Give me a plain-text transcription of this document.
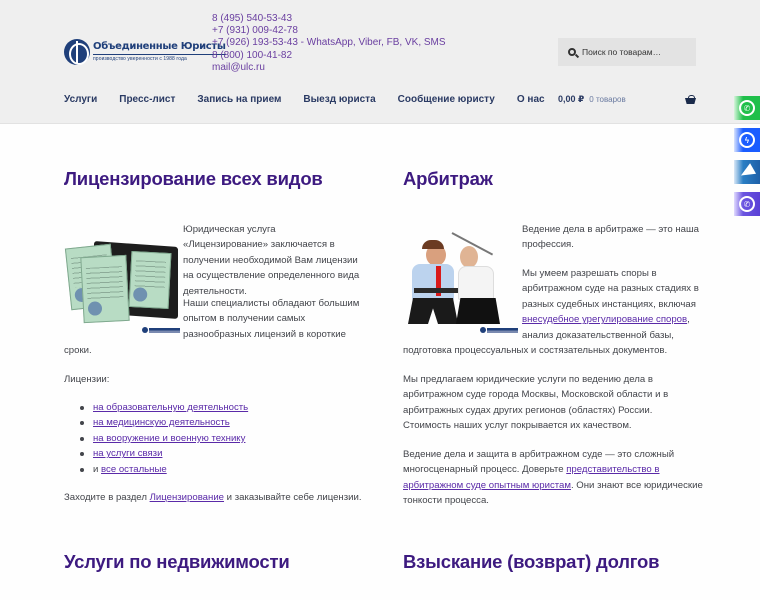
Объединенные Юристы
производство уверенности с 1988 года
8 (495) 540-53-43
+7 (931) 009-42-78
+7 (926) 193-53-43 - WhatsApp, Viber, FB, VK, SMS
8 (800) 100-41-82
mail@ulc.ru
Поиск по товарам…
Услуги Пресс-лист Запись на прием Выезд юриста Сообщение юристу О нас 0,00 ₽ 0 товаров
✆
ϟ
✆
Лицензирование всех видов

Юридическая услуга «Лицензирование» заключается в получении необходимой Вам лицензии на осуществление определенного вида деятельности.

Наши специалисты обладают большим опытом в получении самых разнообразных лицензий в короткие

сроки.

Лицензии:

на образовательную деятельность
на медицинскую деятельность
на вооружение и военную технику
на услуги связи
и все остальные

Заходите в раздел Лицензирование и заказывайте себе лицензии.

Арбитраж

Ведение дела в арбитраже — это наша профессия.

Мы умеем разрешать споры в арбитражном суде на разных стадиях в разных судебных инстанциях, включая внесудебное урегулирование споров,
анализ доказательственной базы,

подготовка процессуальных и состязательных документов.

Мы предлагаем юридические услуги по ведению дела в арбитражном суде города Москвы, Московской области и в арбитражных судах других регионов (областях) России. Стоимость наших услуг покрывается их качеством.

Ведение дела и защита в арбитражном суде — это сложный многосценарный процесс. Доверьте представительство в арбитражном суде опытным юристам. Они знают все юридические тонкости процесса.

Услуги по недвижимости	Взыскание (возврат) долгов
